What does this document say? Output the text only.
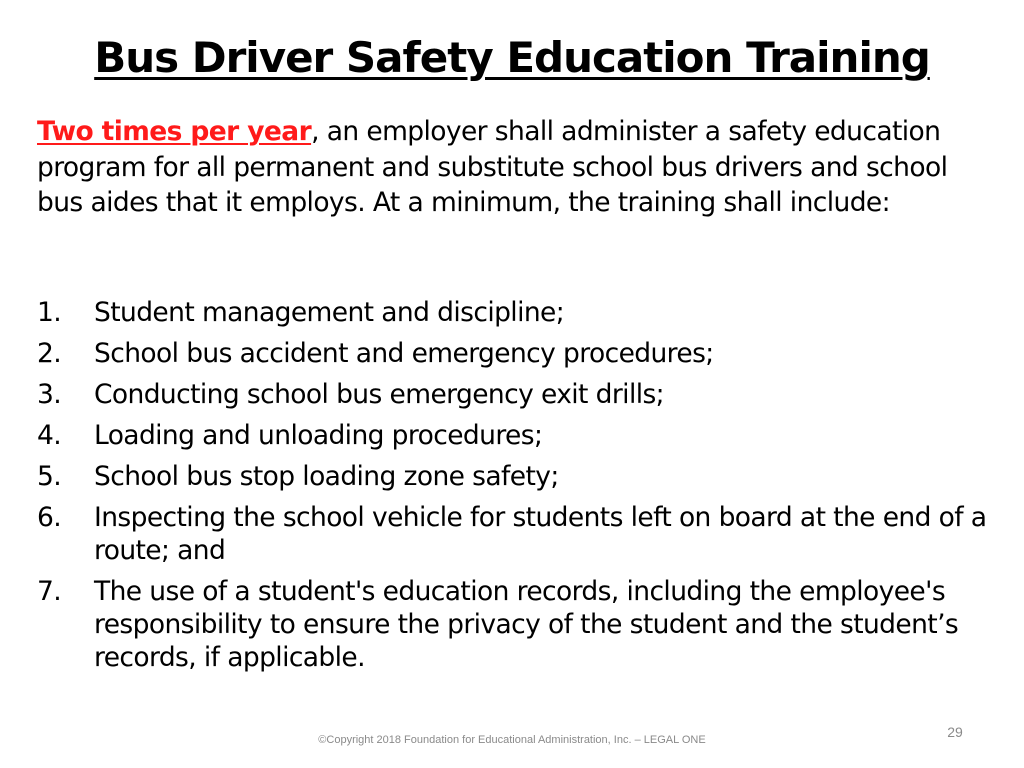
Bus Driver Safety Education Training
Two times per year, an employer shall administer a safety education program for all permanent and substitute school bus drivers and school bus aides that it employs. At a minimum, the training shall include:
1.	Student management and discipline;
2.	School bus accident and emergency procedures;
3.	Conducting school bus emergency exit drills;
4.	Loading and unloading procedures;
5.	School bus stop loading zone safety;
6.	Inspecting the school vehicle for students left on board at the end of a route; and
7.	The use of a student's education records, including the employee's responsibility to ensure the privacy of the student and the student’s records, if applicable.
©Copyright 2018 Foundation for Educational Administration, Inc. – LEGAL ONE	29
